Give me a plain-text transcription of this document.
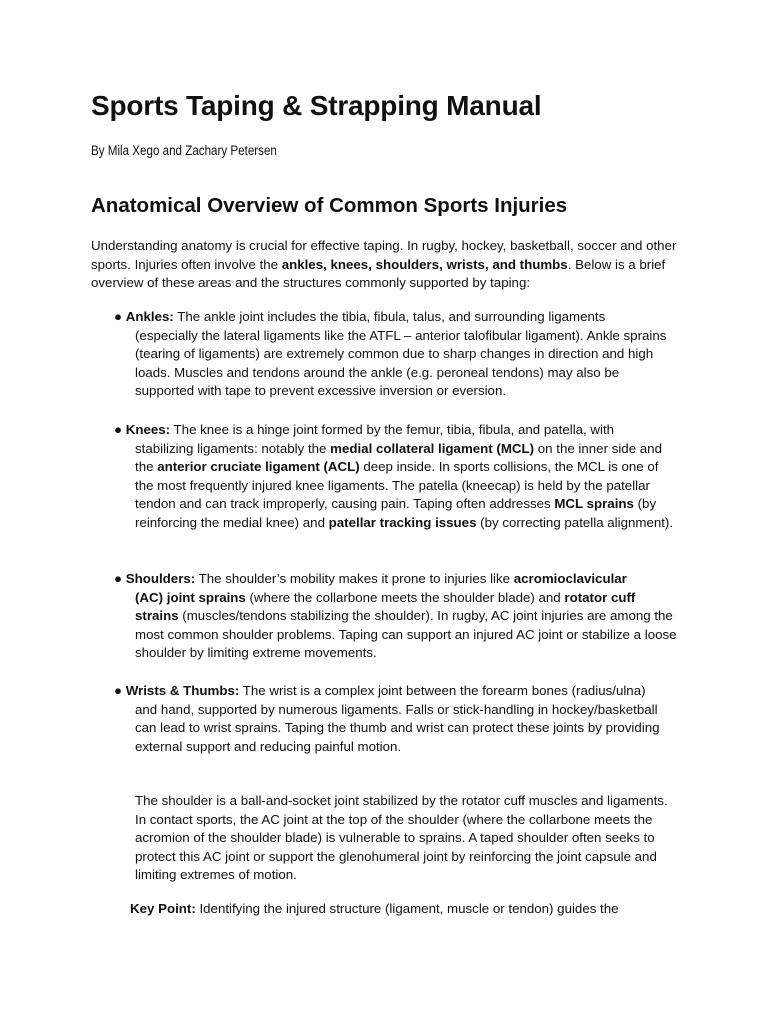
Sports Taping & Strapping Manual

By Mila Xego and Zachary Petersen

Anatomical Overview of Common Sports Injuries

Understanding anatomy is crucial for effective taping. In rugby, hockey, basketball, soccer and other sports. Injuries often involve the ankles, knees, shoulders, wrists, and thumbs. Below is a brief overview of these areas and the structures commonly supported by taping:

● Ankles: The ankle joint includes the tibia, fibula, talus, and surrounding ligaments
(especially the lateral ligaments like the ATFL – anterior talofibular ligament). Ankle sprains (tearing of ligaments) are extremely common due to sharp changes in direction and high loads. Muscles and tendons around the ankle (e.g. peroneal tendons) may also be supported with tape to prevent excessive inversion or eversion.
● Knees: The knee is a hinge joint formed by the femur, tibia, fibula, and patella, with
stabilizing ligaments: notably the medial collateral ligament (MCL) on the inner side and the anterior cruciate ligament (ACL) deep inside. In sports collisions, the MCL is one of the most frequently injured knee ligaments. The patella (kneecap) is held by the patellar tendon and can track improperly, causing pain. Taping often addresses MCL sprains (by reinforcing the medial knee) and patellar tracking issues (by correcting patella alignment).
● Shoulders: The shoulder’s mobility makes it prone to injuries like acromioclavicular
(AC) joint sprains (where the collarbone meets the shoulder blade) and rotator cuff strains (muscles/tendons stabilizing the shoulder). In rugby, AC joint injuries are among the most common shoulder problems. Taping can support an injured AC joint or stabilize a loose shoulder by limiting extreme movements.
● Wrists & Thumbs: The wrist is a complex joint between the forearm bones (radius/ulna)
and hand, supported by numerous ligaments. Falls or stick-handling in hockey/basketball can lead to wrist sprains. Taping the thumb and wrist can protect these joints by providing external support and reducing painful motion.

The shoulder is a ball-and-socket joint stabilized by the rotator cuff muscles and ligaments. In contact sports, the AC joint at the top of the shoulder (where the collarbone meets the acromion of the shoulder blade) is vulnerable to sprains. A taped shoulder often seeks to protect this AC joint or support the glenohumeral joint by reinforcing the joint capsule and limiting extremes of motion.

Key Point: Identifying the injured structure (ligament, muscle or tendon) guides the
